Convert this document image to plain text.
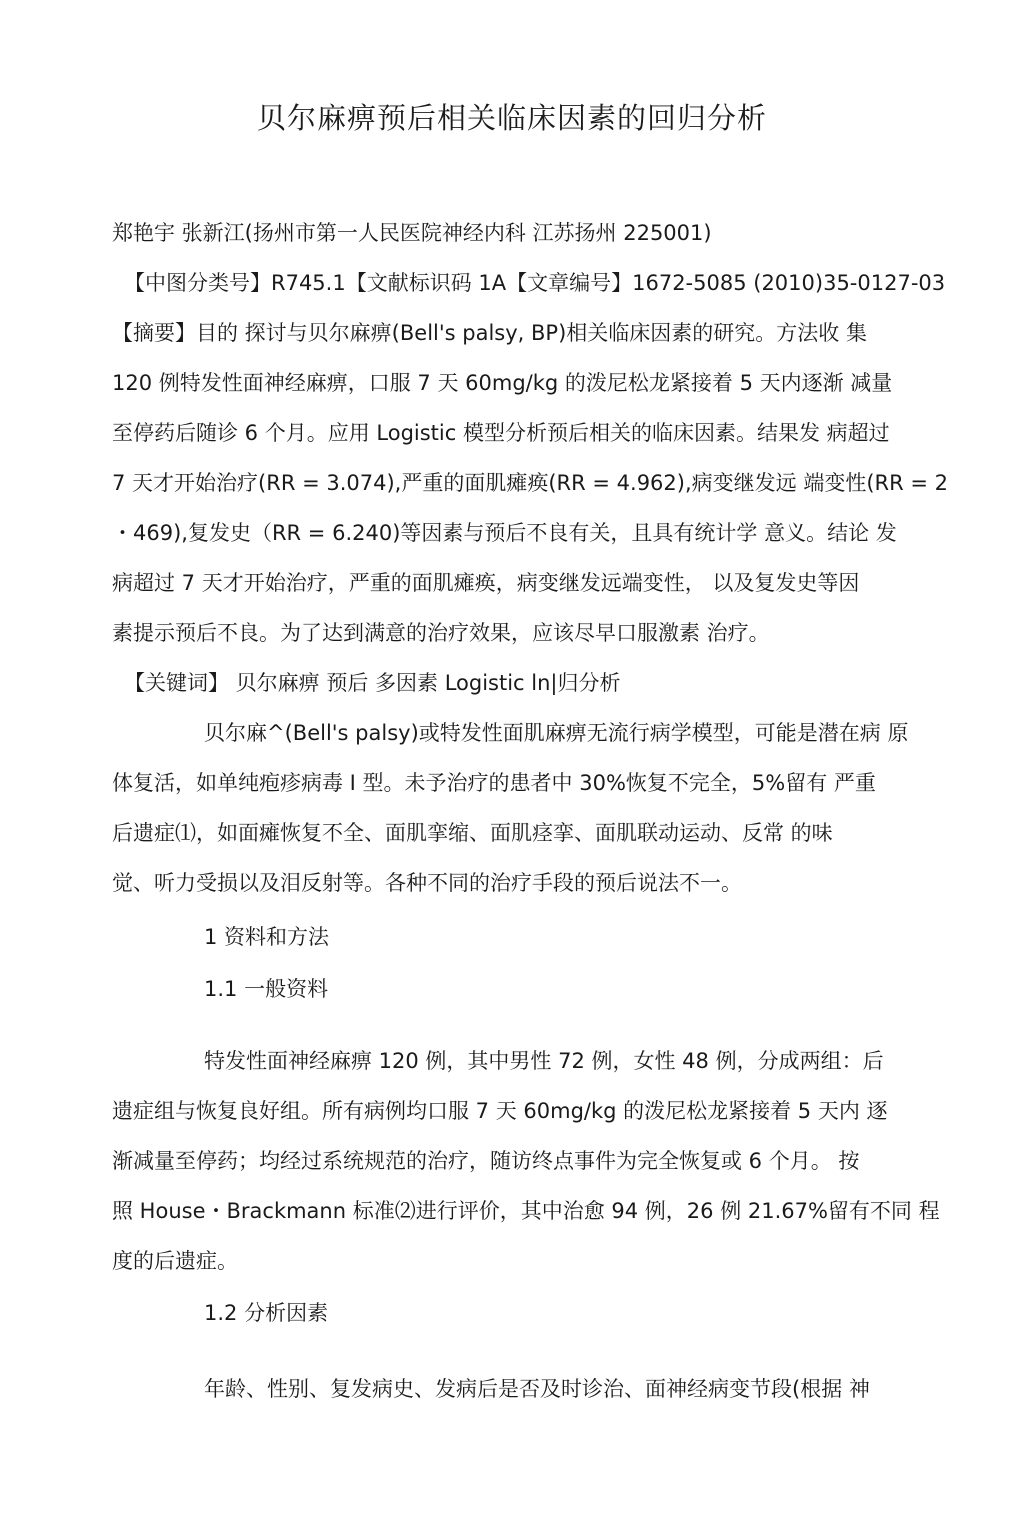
贝尔麻痹预后相关临床因素的回归分析

郑艳宇 张新江(扬州市第一人民医院神经内科 江苏扬州 225001)

【中图分类号】R745.1【文献标识码 1A【文章编号】1672-5085 (2010)35-0127-03

【摘要】目的 探讨与贝尔麻痹(Bell's palsy, BP)相关临床因素的研究。方法收 集

120 例特发性面神经麻痹，口服 7 天 60mg/kg 的泼尼松龙紧接着 5 天内逐渐 减量

至停药后随诊 6 个月。应用 Logistic 模型分析预后相关的临床因素。结果发 病超过

7 天才开始治疗(RR = 3.074),严重的面肌瘫痪(RR = 4.962),病变继发远 端变性(RR = 2

・469),复发史（RR = 6.240)等因素与预后不良有关，且具有统计学 意义。结论 发

病超过 7 天才开始治疗，严重的面肌瘫痪，病变继发远端变性， 以及复发史等因

素提示预后不良。为了达到满意的治疗效果，应该尽早口服激素 治疗。

【关键词】 贝尔麻痹 预后 多因素 Logistic ln|归分析

贝尔麻^(Bell's palsy)或特发性面肌麻痹无流行病学模型，可能是潜在病 原

体复活，如单纯疱疹病毒 I 型。未予治疗的患者中 30%恢复不完全，5%留有 严重

后遗症⑴，如面瘫恢复不全、面肌挛缩、面肌痉挛、面肌联动运动、反常 的味

觉、听力受损以及泪反射等。各种不同的治疗手段的预后说法不一。

1 资料和方法

1.1 一般资料

特发性面神经麻痹 120 例，其中男性 72 例，女性 48 例，分成两组：后

遗症组与恢复良好组。所有病例均口服 7 天 60mg/kg 的泼尼松龙紧接着 5 天内 逐

渐减量至停药；均经过系统规范的治疗，随访终点事件为完全恢复或 6 个月。 按

照 House・Brackmann 标准⑵进行评价，其中治愈 94 例，26 例 21.67%留有不同 程

度的后遗症。

1.2 分析因素

年龄、性别、复发病史、发病后是否及时诊治、面神经病变节段(根据 神
